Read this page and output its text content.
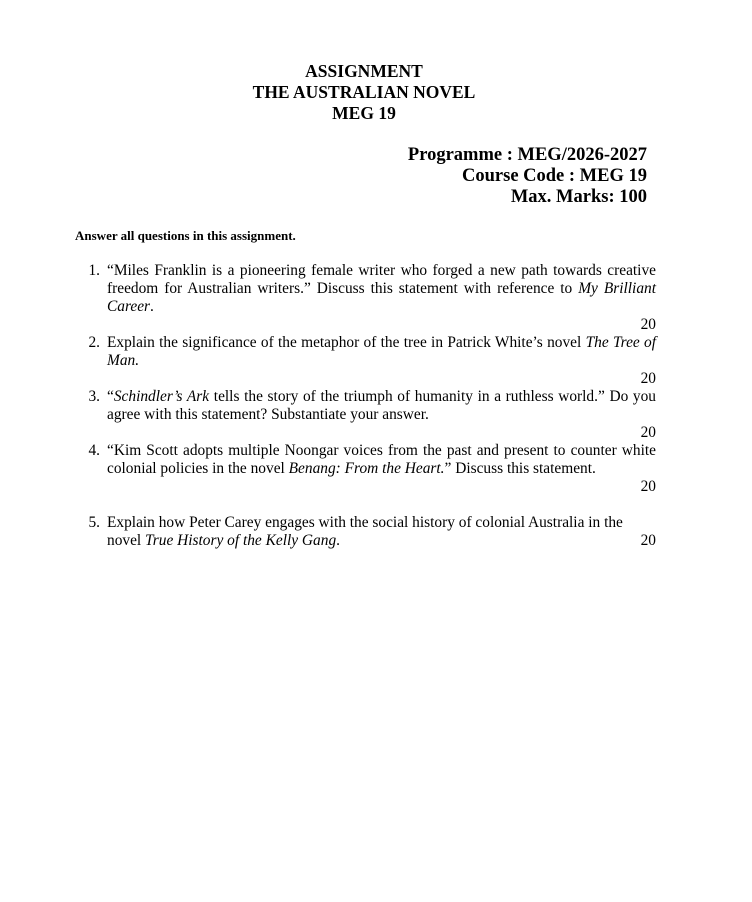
ASSIGNMENT
THE AUSTRALIAN NOVEL
MEG 19
Programme : MEG/2026-2027
Course Code : MEG 19
Max. Marks: 100
Answer all questions in this assignment.
1. “Miles Franklin is a pioneering female writer who forged a new path towards creative freedom for Australian writers.” Discuss this statement with reference to My Brilliant Career.
20
2. Explain the significance of the metaphor of the tree in Patrick White’s novel The Tree of Man.
20
3. “Schindler’s Ark tells the story of the triumph of humanity in a ruthless world.” Do you agree with this statement? Substantiate your answer.
20
4. “Kim Scott adopts multiple Noongar voices from the past and present to counter white colonial policies in the novel Benang: From the Heart.” Discuss this statement.
20
5. Explain how Peter Carey engages with the social history of colonial Australia in the
novel True History of the Kelly Gang.	20
